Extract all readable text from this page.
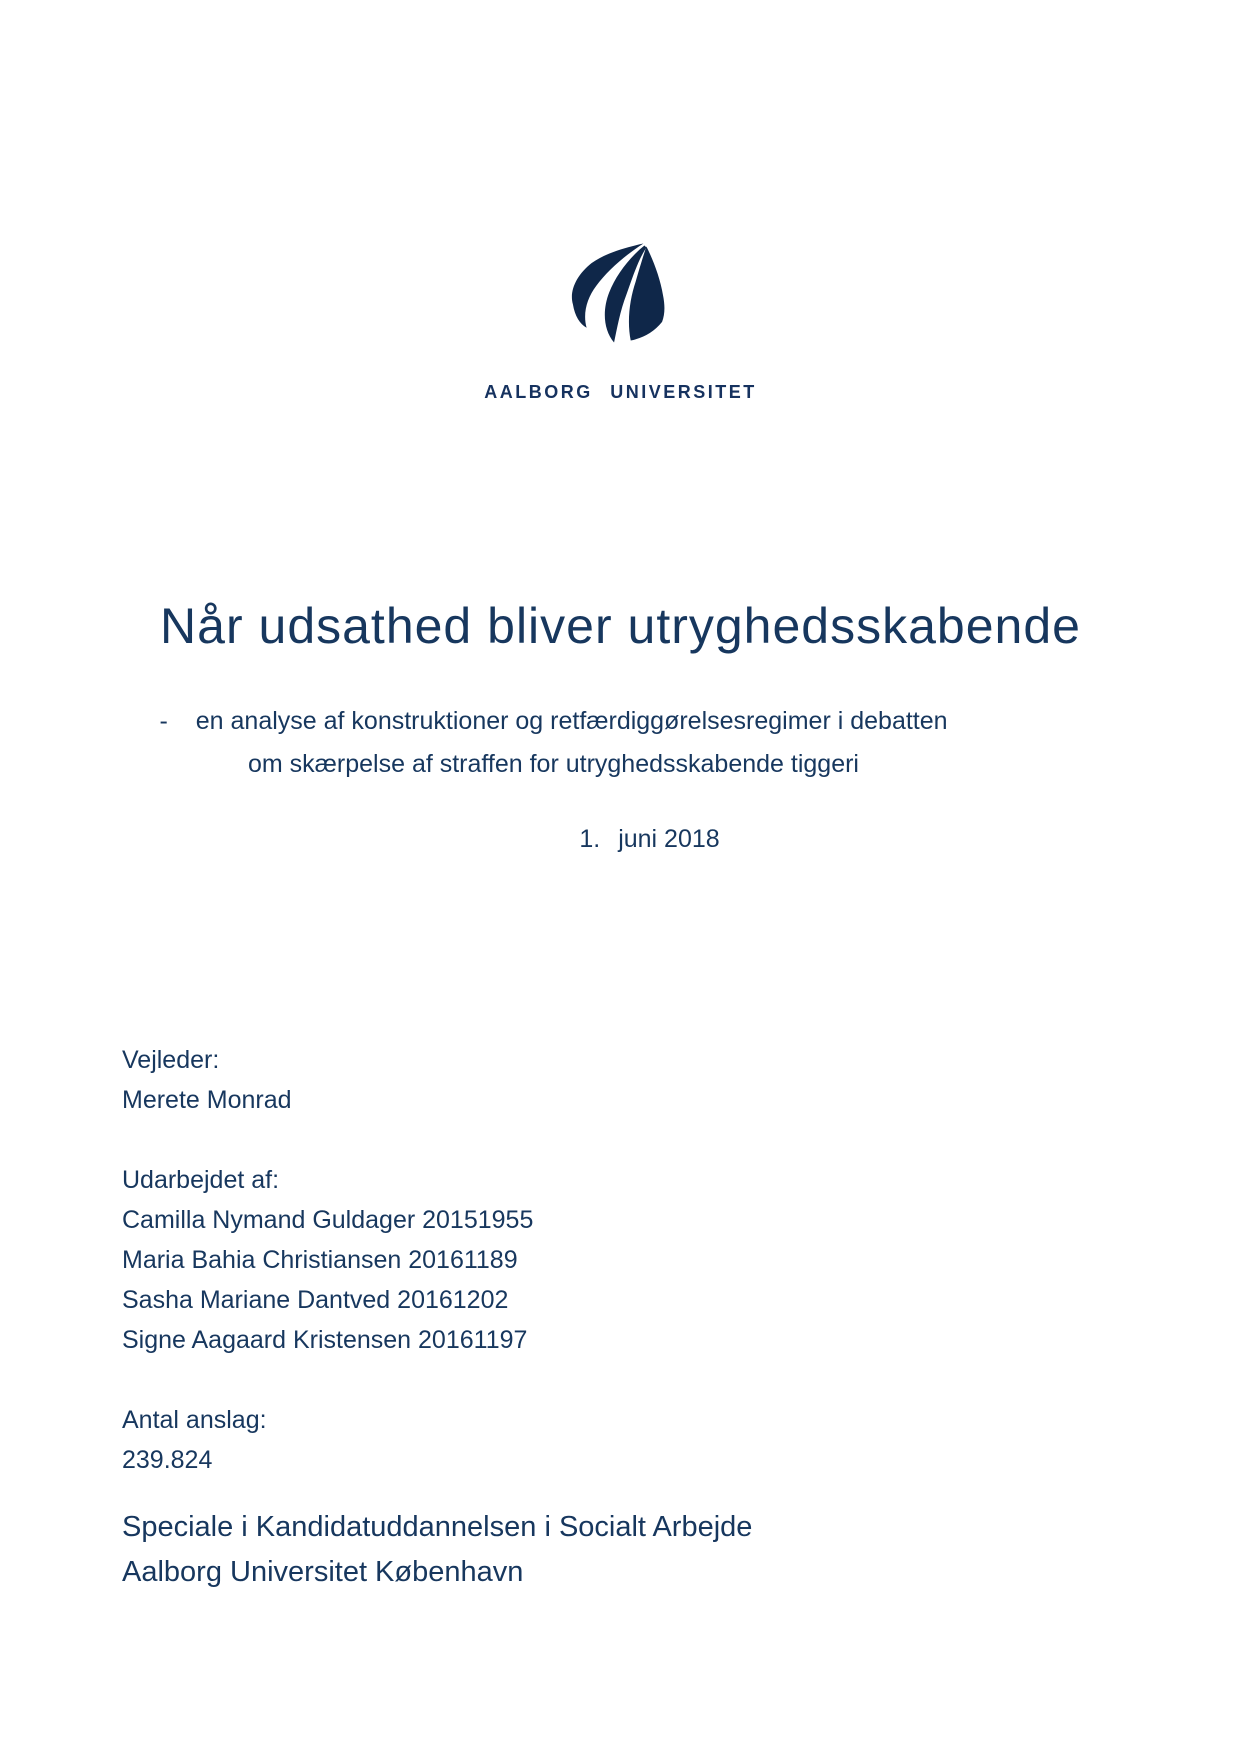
AALBORG UNIVERSITET
Når udsathed bliver utryghedsskabende
- en analyse af konstruktioner og retfærdiggørelsesregimer i debatten
om skærpelse af straffen for utryghedsskabende tiggeri
1. juni 2018
Vejleder:
Merete Monrad
Udarbejdet af:
Camilla Nymand Guldager 20151955
Maria Bahia Christiansen 20161189
Sasha Mariane Dantved 20161202
Signe Aagaard Kristensen 20161197
Antal anslag:
239.824
Speciale i Kandidatuddannelsen i Socialt Arbejde
Aalborg Universitet København
